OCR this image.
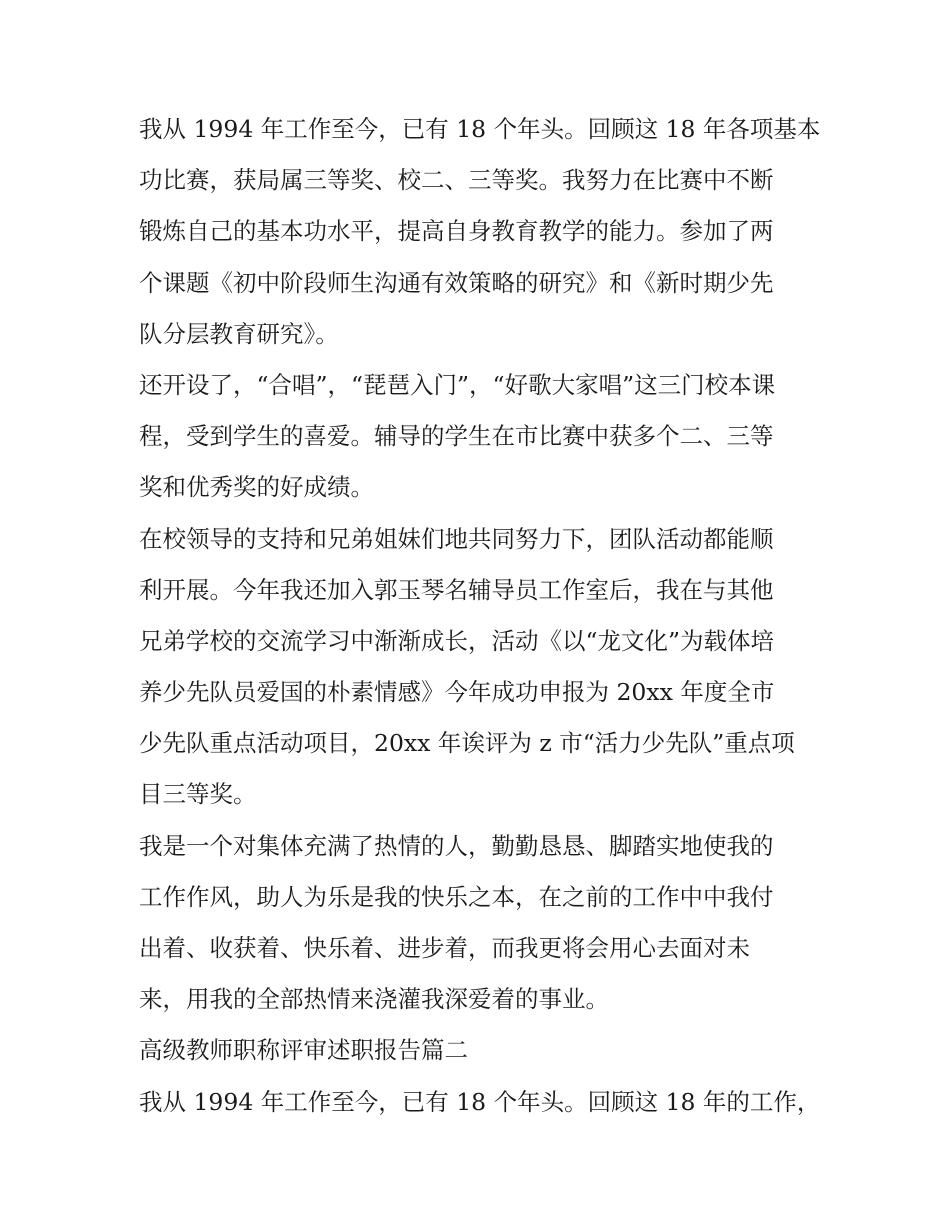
我从 1994 年工作至今，已有 18 个年头。回顾这 18 年各项基本
功比赛，获局属三等奖、校二、三等奖。我努力在比赛中不断
锻炼自己的基本功水平，提高自身教育教学的能力。参加了两
个课题《初中阶段师生沟通有效策略的研究》和《新时期少先
队分层教育研究》。
还开设了，“合唱”，“琵琶入门”，“好歌大家唱”这三门校本课
程，受到学生的喜爱。辅导的学生在市比赛中获多个二、三等
奖和优秀奖的好成绩。
在校领导的支持和兄弟姐妹们地共同努力下，团队活动都能顺
利开展。今年我还加入郭玉琴名辅导员工作室后，我在与其他
兄弟学校的交流学习中渐渐成长，活动《以“龙文化”为载体培
养少先队员爱国的朴素情感》今年成功申报为 20xx 年度全市
少先队重点活动项目，20xx 年诶评为 z 市“活力少先队”重点项
目三等奖。
我是一个对集体充满了热情的人，勤勤恳恳、脚踏实地使我的
工作作风，助人为乐是我的快乐之本，在之前的工作中中我付
出着、收获着、快乐着、进步着，而我更将会用心去面对未
来，用我的全部热情来浇灌我深爱着的事业。
高级教师职称评审述职报告篇二
我从 1994 年工作至今，已有 18 个年头。回顾这 18 年的工作，
